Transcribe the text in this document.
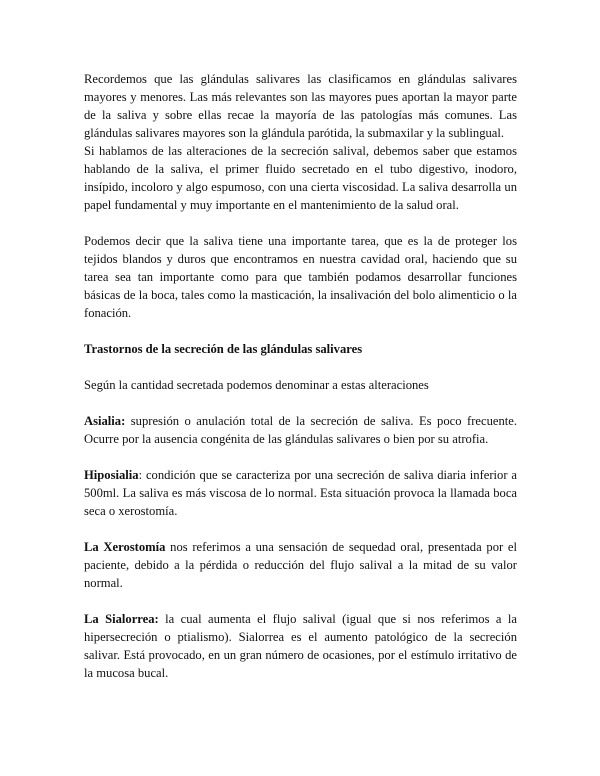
Recordemos que las glándulas salivares las clasificamos en glándulas salivares mayores y menores. Las más relevantes son las mayores pues aportan la mayor parte de la saliva y sobre ellas recae la mayoría de las patologías más comunes. Las glándulas salivares mayores son la glándula parótida, la submaxilar y la sublingual.

Si hablamos de las alteraciones de la secreción salival, debemos saber que estamos hablando de la saliva, el primer fluido secretado en el tubo digestivo, inodoro, insípido, incoloro y algo espumoso, con una cierta viscosidad. La saliva desarrolla un papel fundamental y muy importante en el mantenimiento de la salud oral.

Podemos decir que la saliva tiene una importante tarea, que es la de proteger los tejidos blandos y duros que encontramos en nuestra cavidad oral, haciendo que su tarea sea tan importante como para que también podamos desarrollar funciones básicas de la boca, tales como la masticación, la insalivación del bolo alimenticio o la fonación.

Trastornos de la secreción de las glándulas salivares

Según la cantidad secretada podemos denominar a estas alteraciones

Asialia: supresión o anulación total de la secreción de saliva. Es poco frecuente. Ocurre por la ausencia congénita de las glándulas salivares o bien por su atrofia.

Hiposialia: condición que se caracteriza por una secreción de saliva diaria inferior a 500ml. La saliva es más viscosa de lo normal. Esta situación provoca la llamada boca seca o xerostomía.

La Xerostomía nos referimos a una sensación de sequedad oral, presentada por el paciente, debido a la pérdida o reducción del flujo salival a la mitad de su valor normal.

La Sialorrea: la cual aumenta el flujo salival (igual que si nos referimos a la hipersecreción o ptialismo). Sialorrea es el aumento patológico de la secreción salivar. Está provocado, en un gran número de ocasiones, por el estímulo irritativo de la mucosa bucal.
